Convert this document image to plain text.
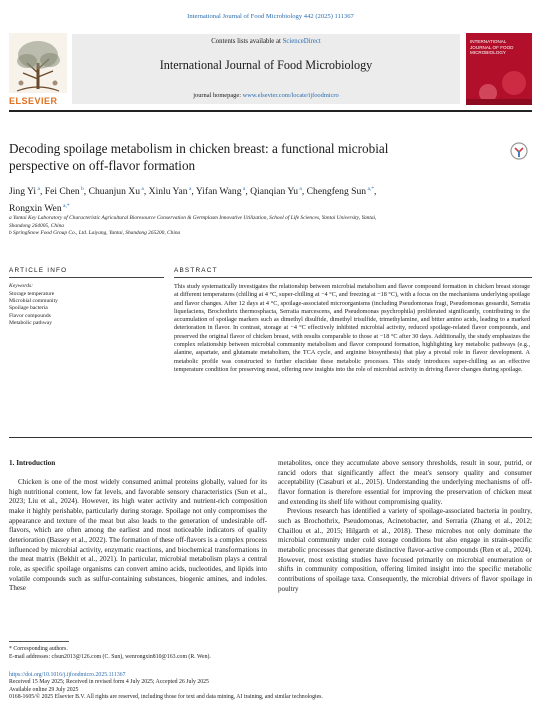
International Journal of Food Microbiology 442 (2025) 111367
ELSEVIER
Contents lists available at ScienceDirect
International Journal of Food Microbiology
journal homepage: www.elsevier.com/locate/ijfoodmicro
INTERNATIONAL JOURNAL OF FOOD MICROBIOLOGY
Decoding spoilage metabolism in chicken breast: a functional microbial
perspective on off-flavor formation
Jing Yi $^a$, Fei Chen $^b$, Chuanjun Xu $^a$, Xinlu Yan $^a$, Yifan Wang $^a$, Qianqian Yu $^a$, Chengfeng Sun $^{a,*}$,
Rongxin Wen $^{a,*}$
a Yantai Key Laboratory of Characteristic Agricultural Bioresource Conservation & Germplasm Innovative Utilization, School of Life Sciences, Yantai University, Yantai,
Shandong 264005, China
b SpringSnow Food Group Co., Ltd. Laiyang, Yantai, Shandong 265200, China
ARTICLE INFO	ABSTRACT
Keywords:
Storage temperature
Microbial community
Spoilage bacteria
Flavor compounds
Metabolic pathway
This study systematically investigates the relationship between microbial metabolism and flavor compound formation in chicken breast storage at different temperatures (chilling at 4 °C, super-chilling at −4 °C, and freezing at −18 °C), with a focus on the mechanisms underlying spoilage and flavor changes. After 12 days at 4 °C, spoilage-associated microorganisms (including Pseudomonas fragi, Pseudomonas gessardii, Serratia liquefaciens, Brochothrix thermosphacta, Serratia marcescens, and Pseudomonas psychrophila) proliferated significantly, contributing to the accumulation of spoilage markers such as dimethyl disulfide, dimethyl trisulfide, trimethylamine, and bitter amino acids, leading to a marked deterioration in flavor. In contrast, storage at −4 °C effectively inhibited microbial activity, reduced spoilage-related flavor compounds, and preserved the original flavor of chicken breast, with results comparable to those at −18 °C after 30 days. Additionally, the study emphasizes the complex relationship between microbial community metabolism and flavor compound formation, highlighting key metabolic pathways (e.g., alanine, aspartate, and glutamate metabolism, the TCA cycle, and arginine biosynthesis) that play a pivotal role in flavor development. A metabolic profile was constructed to further elucidate these metabolic processes. This study introduces super-chilling as an effective temperature condition for preserving meat, offering new insights into the role of microbial activity in driving flavor changes during spoilage.
1. Introduction

Chicken is one of the most widely consumed animal proteins globally, valued for its high nutritional content, low fat levels, and favorable sensory characteristics (Sun et al., 2023; Liu et al., 2024). However, its high water activity and nutrient-rich composition make it highly perishable, particularly during storage. Spoilage not only compromises the appearance and texture of the meat but also leads to the generation of undesirable off-flavors, which are often among the earliest and most noticeable indicators of quality deterioration (Bassey et al., 2022). The formation of these off-flavors is a complex process influenced by microbial activity, enzymatic reactions, and biochemical transformations in the meat matrix (Bekhit et al., 2021). In particular, microbial metabolism plays a central role, as specific spoilage organisms can convert amino acids, nucleotides, and lipids into volatile compounds such as sulfur-containing substances, biogenic amines, and indoles. These

metabolites, once they accumulate above sensory thresholds, result in sour, putrid, or rancid odors that significantly affect the meat's sensory quality and consumer acceptability (Casaburi et al., 2015). Understanding the underlying mechanisms of off-flavor formation is therefore essential for improving the preservation of chicken meat and extending its shelf life without compromising quality.

Previous research has identified a variety of spoilage-associated bacteria in poultry, such as Brochothrix, Pseudomonas, Acinetobacter, and Serratia (Zhang et al., 2012; Chaillou et al., 2015; Hilgarth et al., 2018). These microbes not only dominate the microbial community under cold storage conditions but also engage in strain-specific metabolic processes that generate distinctive flavor-active compounds (Ren et al., 2024). However, most existing studies have focused primarily on microbial enumeration or shifts in community composition, offering limited insight into the specific metabolic contributions of spoilage taxa. Consequently, the microbial drivers of flavor spoilage in poultry

* Corresponding authors.
E-mail addresses: cfsun2013@126.com (C. Sun), wenrongxin810@163.com (R. Wen).
https://doi.org/10.1016/j.ijfoodmicro.2025.111367
Received 15 May 2025; Received in revised form 4 July 2025; Accepted 26 July 2025
Available online 29 July 2025
0168-1605/© 2025 Elsevier B.V. All rights are reserved, including those for text and data mining, AI training, and similar technologies.
